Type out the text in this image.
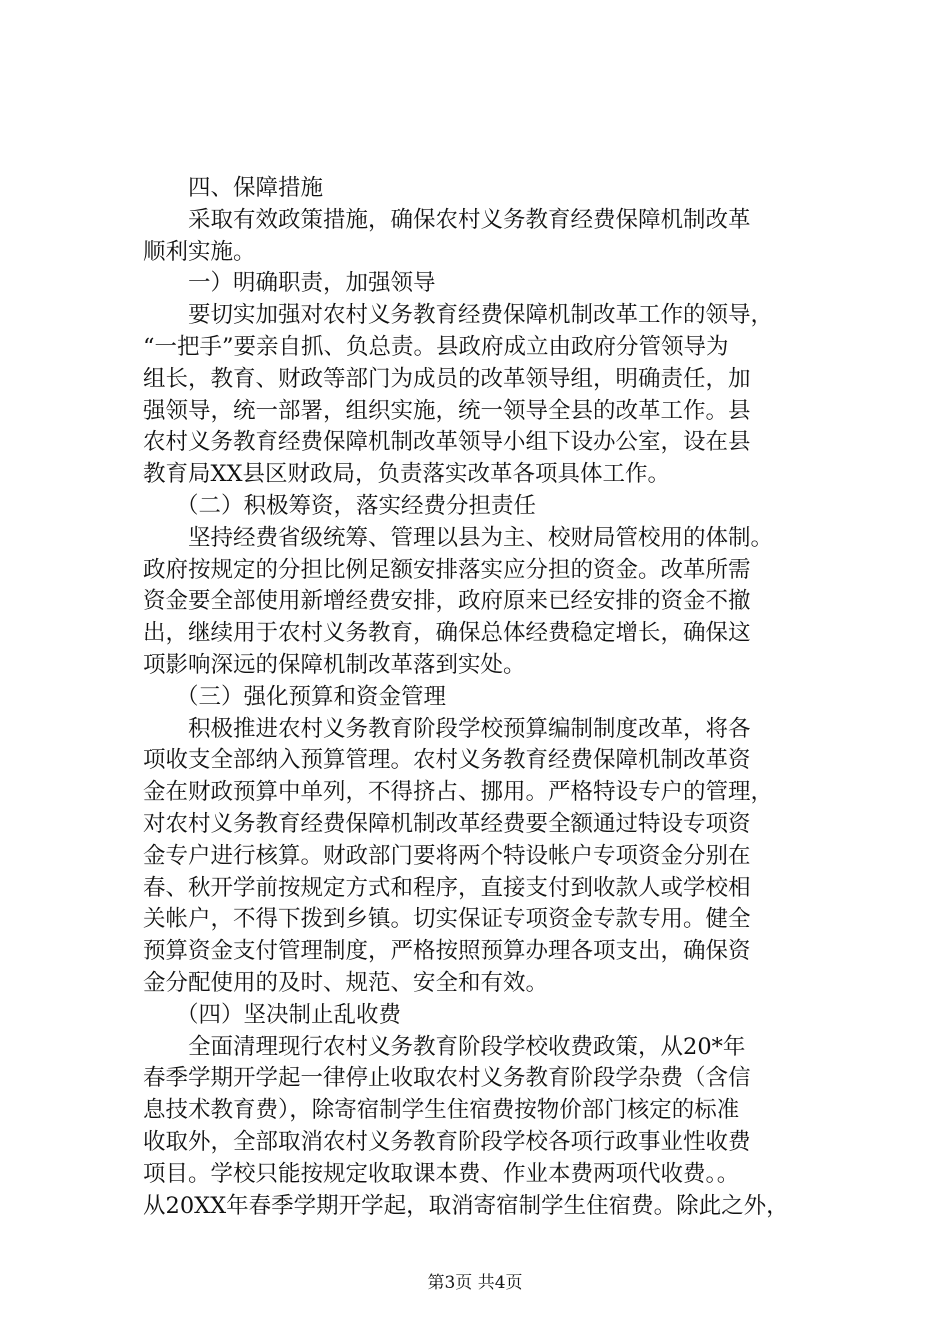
四、保障措施
采取有效政策措施，确保农村义务教育经费保障机制改革
顺利实施。
一）明确职责，加强领导
要切实加强对农村义务教育经费保障机制改革工作的领导，
“一把手”要亲自抓、负总责。县政府成立由政府分管领导为
组长，教育、财政等部门为成员的改革领导组，明确责任，加
强领导，统一部署，组织实施，统一领导全县的改革工作。县
农村义务教育经费保障机制改革领导小组下设办公室，设在县
教育局XX县区财政局，负责落实改革各项具体工作。
（二）积极筹资，落实经费分担责任
坚持经费省级统筹、管理以县为主、校财局管校用的体制。
政府按规定的分担比例足额安排落实应分担的资金。改革所需
资金要全部使用新增经费安排，政府原来已经安排的资金不撤
出，继续用于农村义务教育，确保总体经费稳定增长，确保这
项影响深远的保障机制改革落到实处。
（三）强化预算和资金管理
积极推进农村义务教育阶段学校预算编制制度改革，将各
项收支全部纳入预算管理。农村义务教育经费保障机制改革资
金在财政预算中单列，不得挤占、挪用。严格特设专户的管理，
对农村义务教育经费保障机制改革经费要全额通过特设专项资
金专户进行核算。财政部门要将两个特设帐户专项资金分别在
春、秋开学前按规定方式和程序，直接支付到收款人或学校相
关帐户，不得下拨到乡镇。切实保证专项资金专款专用。健全
预算资金支付管理制度，严格按照预算办理各项支出，确保资
金分配使用的及时、规范、安全和有效。
（四）坚决制止乱收费
全面清理现行农村义务教育阶段学校收费政策，从20*年
春季学期开学起一律停止收取农村义务教育阶段学杂费（含信
息技术教育费），除寄宿制学生住宿费按物价部门核定的标准
收取外，全部取消农村义务教育阶段学校各项行政事业性收费
项目。学校只能按规定收取课本费、作业本费两项代收费。。
从20XX年春季学期开学起，取消寄宿制学生住宿费。除此之外，
第3页 共4页
